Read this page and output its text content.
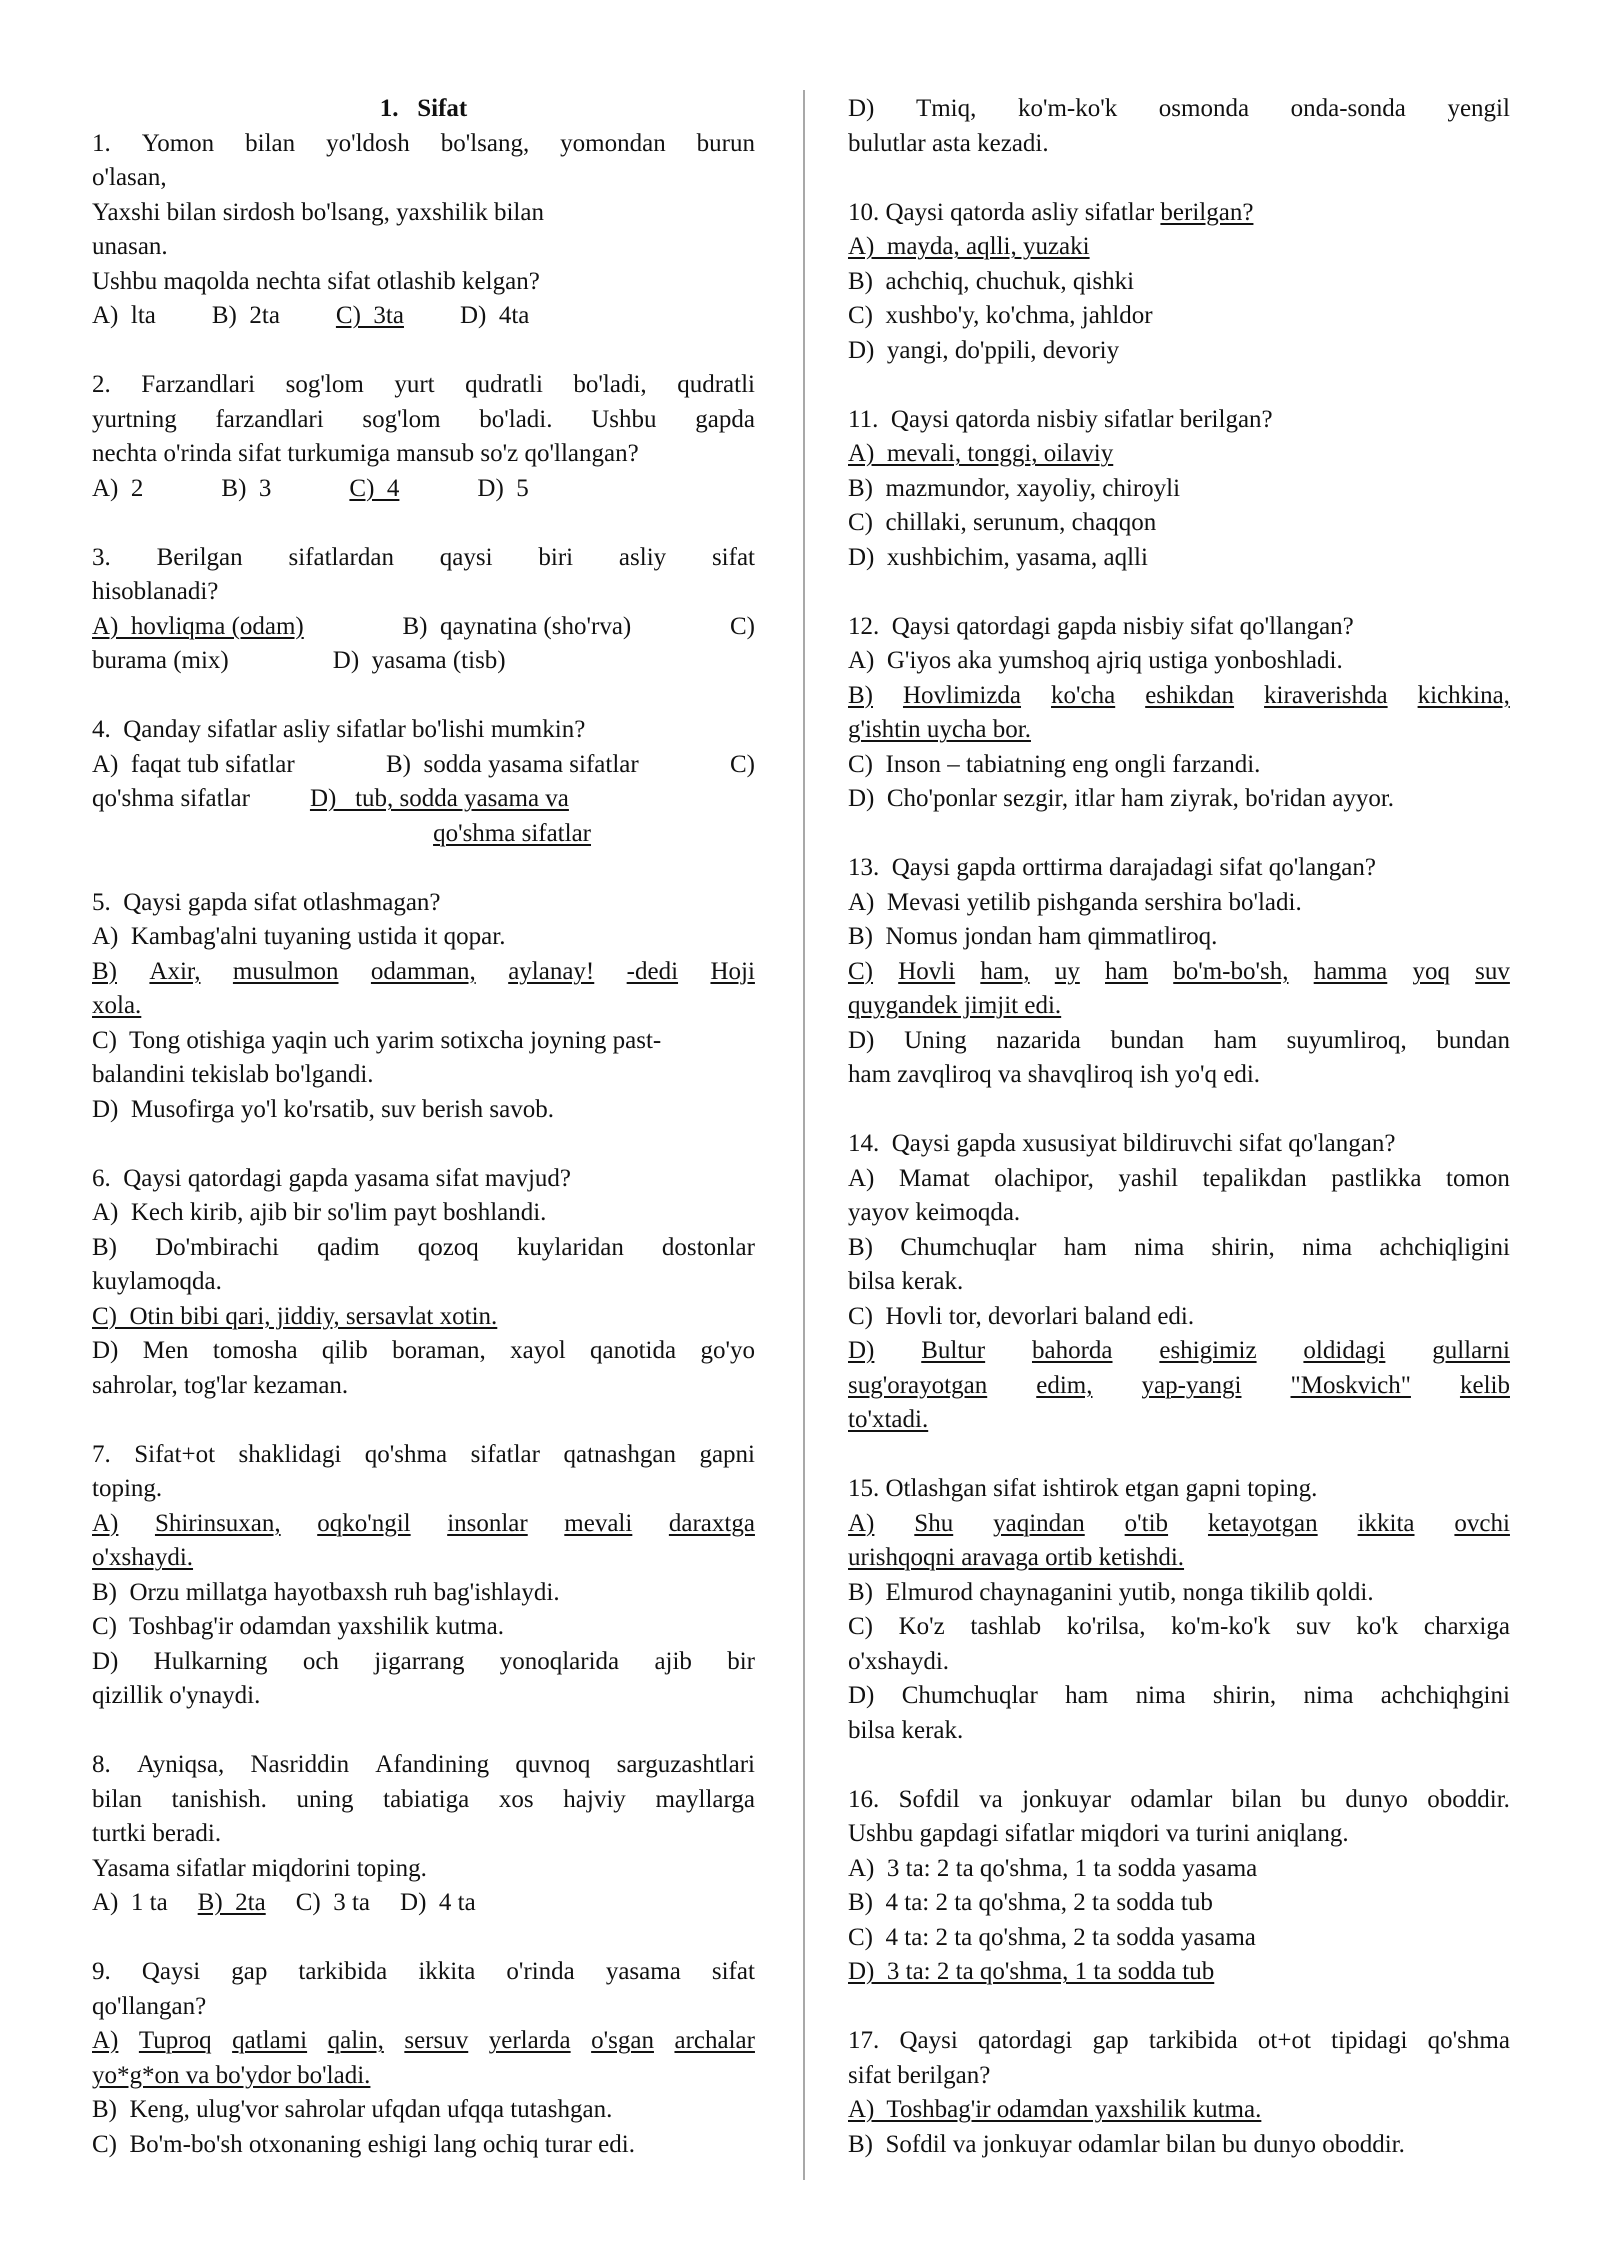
1.   Sifat
1. Yomon bilan yo'ldosh bo'lsang, yomondan burun
o'lasan,
Yaxshi bilan sirdosh bo'lsang, yaxshilik bilan
unasan.
Ushbu maqolda nechta sifat otlashib kelgan?
A)  lta B)  2ta C)  3ta D)  4ta
2. Farzandlari sog'lom yurt qudratli bo'ladi, qudratli
yurtning farzandlari sog'lom bo'ladi. Ushbu gapda
nechta o'rinda sifat turkumiga mansub so'z qo'llangan?
A)  2	B)  3	C)  4	D)  5
3. Berilgan sifatlardan qaysi biri asliy sifat
hisoblanadi?
A)  hovliqma (odam)	B)  qaynatina (sho'rva)	C)
burama (mix)	D)  yasama (tisb)
4.  Qanday sifatlar asliy sifatlar bo'lishi mumkin?
A)  faqat tub sifatlar	B)  sodda yasama sifatlar	C)
qo'shma sifatlar D)   tub, sodda yasama va
qo'shma sifatlar
5.  Qaysi gapda sifat otlashmagan?
A)  Kambag'alni tuyaning ustida it qopar.
B) Axir, musulmon odamman, aylanay! -dedi Hoji
xola.
C)  Tong otishiga yaqin uch yarim sotixcha joyning past-
balandini tekislab bo'lgandi.
D)  Musofirga yo'l ko'rsatib, suv berish savob.
6.  Qaysi qatordagi gapda yasama sifat mavjud?
A)  Kech kirib, ajib bir so'lim payt boshlandi.
B) Do'mbirachi qadim qozoq kuylaridan dostonlar
kuylamoqda.
C)  Otin bibi qari, jiddiy, sersavlat xotin.
D) Men tomosha qilib boraman, xayol qanotida go'yo
sahrolar, tog'lar kezaman.
7. Sifat+ot shaklidagi qo'shma sifatlar qatnashgan gapni
toping.
A) Shirinsuxan, oqko'ngil insonlar mevali daraxtga
o'xshaydi.
B)  Orzu millatga hayotbaxsh ruh bag'ishlaydi.
C)  Toshbag'ir odamdan yaxshilik kutma.
D) Hulkarning och jigarrang yonoqlarida ajib bir
qizillik o'ynaydi.
8. Ayniqsa, Nasriddin Afandining quvnoq sarguzashtlari
bilan tanishish. uning tabiatiga xos hajviy mayllarga
turtki beradi.
Yasama sifatlar miqdorini toping.
A)  1 ta B)  2ta C)  3 ta D)  4 ta
9. Qaysi gap tarkibida ikkita o'rinda yasama sifat
qo'llangan?
A) Tuproq qatlami qalin, sersuv yerlarda o'sgan archalar
yo*g*on va bo'ydor bo'ladi.
B)  Keng, ulug'vor sahrolar ufqdan ufqqa tutashgan.
C)  Bo'm-bo'sh otxonaning eshigi lang ochiq turar edi.
D) Tmiq, ko'm-ko'k osmonda onda-sonda yengil
bulutlar asta kezadi.
10. Qaysi qatorda asliy sifatlar berilgan?
A)  mayda, aqlli, yuzaki
B)  achchiq, chuchuk, qishki
C)  xushbo'y, ko'chma, jahldor
D)  yangi, do'ppili, devoriy
11.  Qaysi qatorda nisbiy sifatlar berilgan?
A)  mevali, tonggi, oilaviy
B)  mazmundor, xayoliy, chiroyli
C)  chillaki, serunum, chaqqon
D)  xushbichim, yasama, aqlli
12.  Qaysi qatordagi gapda nisbiy sifat qo'llangan?
A)  G'iyos aka yumshoq ajriq ustiga yonboshladi.
B) Hovlimizda ko'cha eshikdan kiraverishda kichkina,
g'ishtin uycha bor.
C)  Inson – tabiatning eng ongli farzandi.
D)  Cho'ponlar sezgir, itlar ham ziyrak, bo'ridan ayyor.
13.  Qaysi gapda orttirma darajadagi sifat qo'langan?
A)  Mevasi yetilib pishganda sershira bo'ladi.
B)  Nomus jondan ham qimmatliroq.
C) Hovli ham, uy ham bo'm-bo'sh, hamma yoq suv
quygandek jimjit edi.
D) Uning nazarida bundan ham suyumliroq, bundan
ham zavqliroq va shavqliroq ish yo'q edi.
14.  Qaysi gapda xususiyat bildiruvchi sifat qo'langan?
A) Mamat olachipor, yashil tepalikdan pastlikka tomon
yayov keimoqda.
B) Chumchuqlar ham nima shirin, nima achchiqligini
bilsa kerak.
C)  Hovli tor, devorlari baland edi.
D) Bultur bahorda eshigimiz oldidagi gullarni
sug'orayotgan edim, yap-yangi "Moskvich" kelib
to'xtadi.
15. Otlashgan sifat ishtirok etgan gapni toping.
A) Shu yaqindan o'tib ketayotgan ikkita ovchi
urishqoqni aravaga ortib ketishdi.
B)  Elmurod chaynaganini yutib, nonga tikilib qoldi.
C) Ko'z tashlab ko'rilsa, ko'm-ko'k suv ko'k charxiga
o'xshaydi.
D) Chumchuqlar ham nima shirin, nima achchiqhgini
bilsa kerak.
16. Sofdil va jonkuyar odamlar bilan bu dunyo oboddir.
Ushbu gapdagi sifatlar miqdori va turini aniqlang.
A)  3 ta: 2 ta qo'shma, 1 ta sodda yasama
B)  4 ta: 2 ta qo'shma, 2 ta sodda tub
C)  4 ta: 2 ta qo'shma, 2 ta sodda yasama
D)  3 ta: 2 ta qo'shma, 1 ta sodda tub
17. Qaysi qatordagi gap tarkibida ot+ot tipidagi qo'shma
sifat berilgan?
A)  Toshbag'ir odamdan yaxshilik kutma.
B)  Sofdil va jonkuyar odamlar bilan bu dunyo oboddir.
